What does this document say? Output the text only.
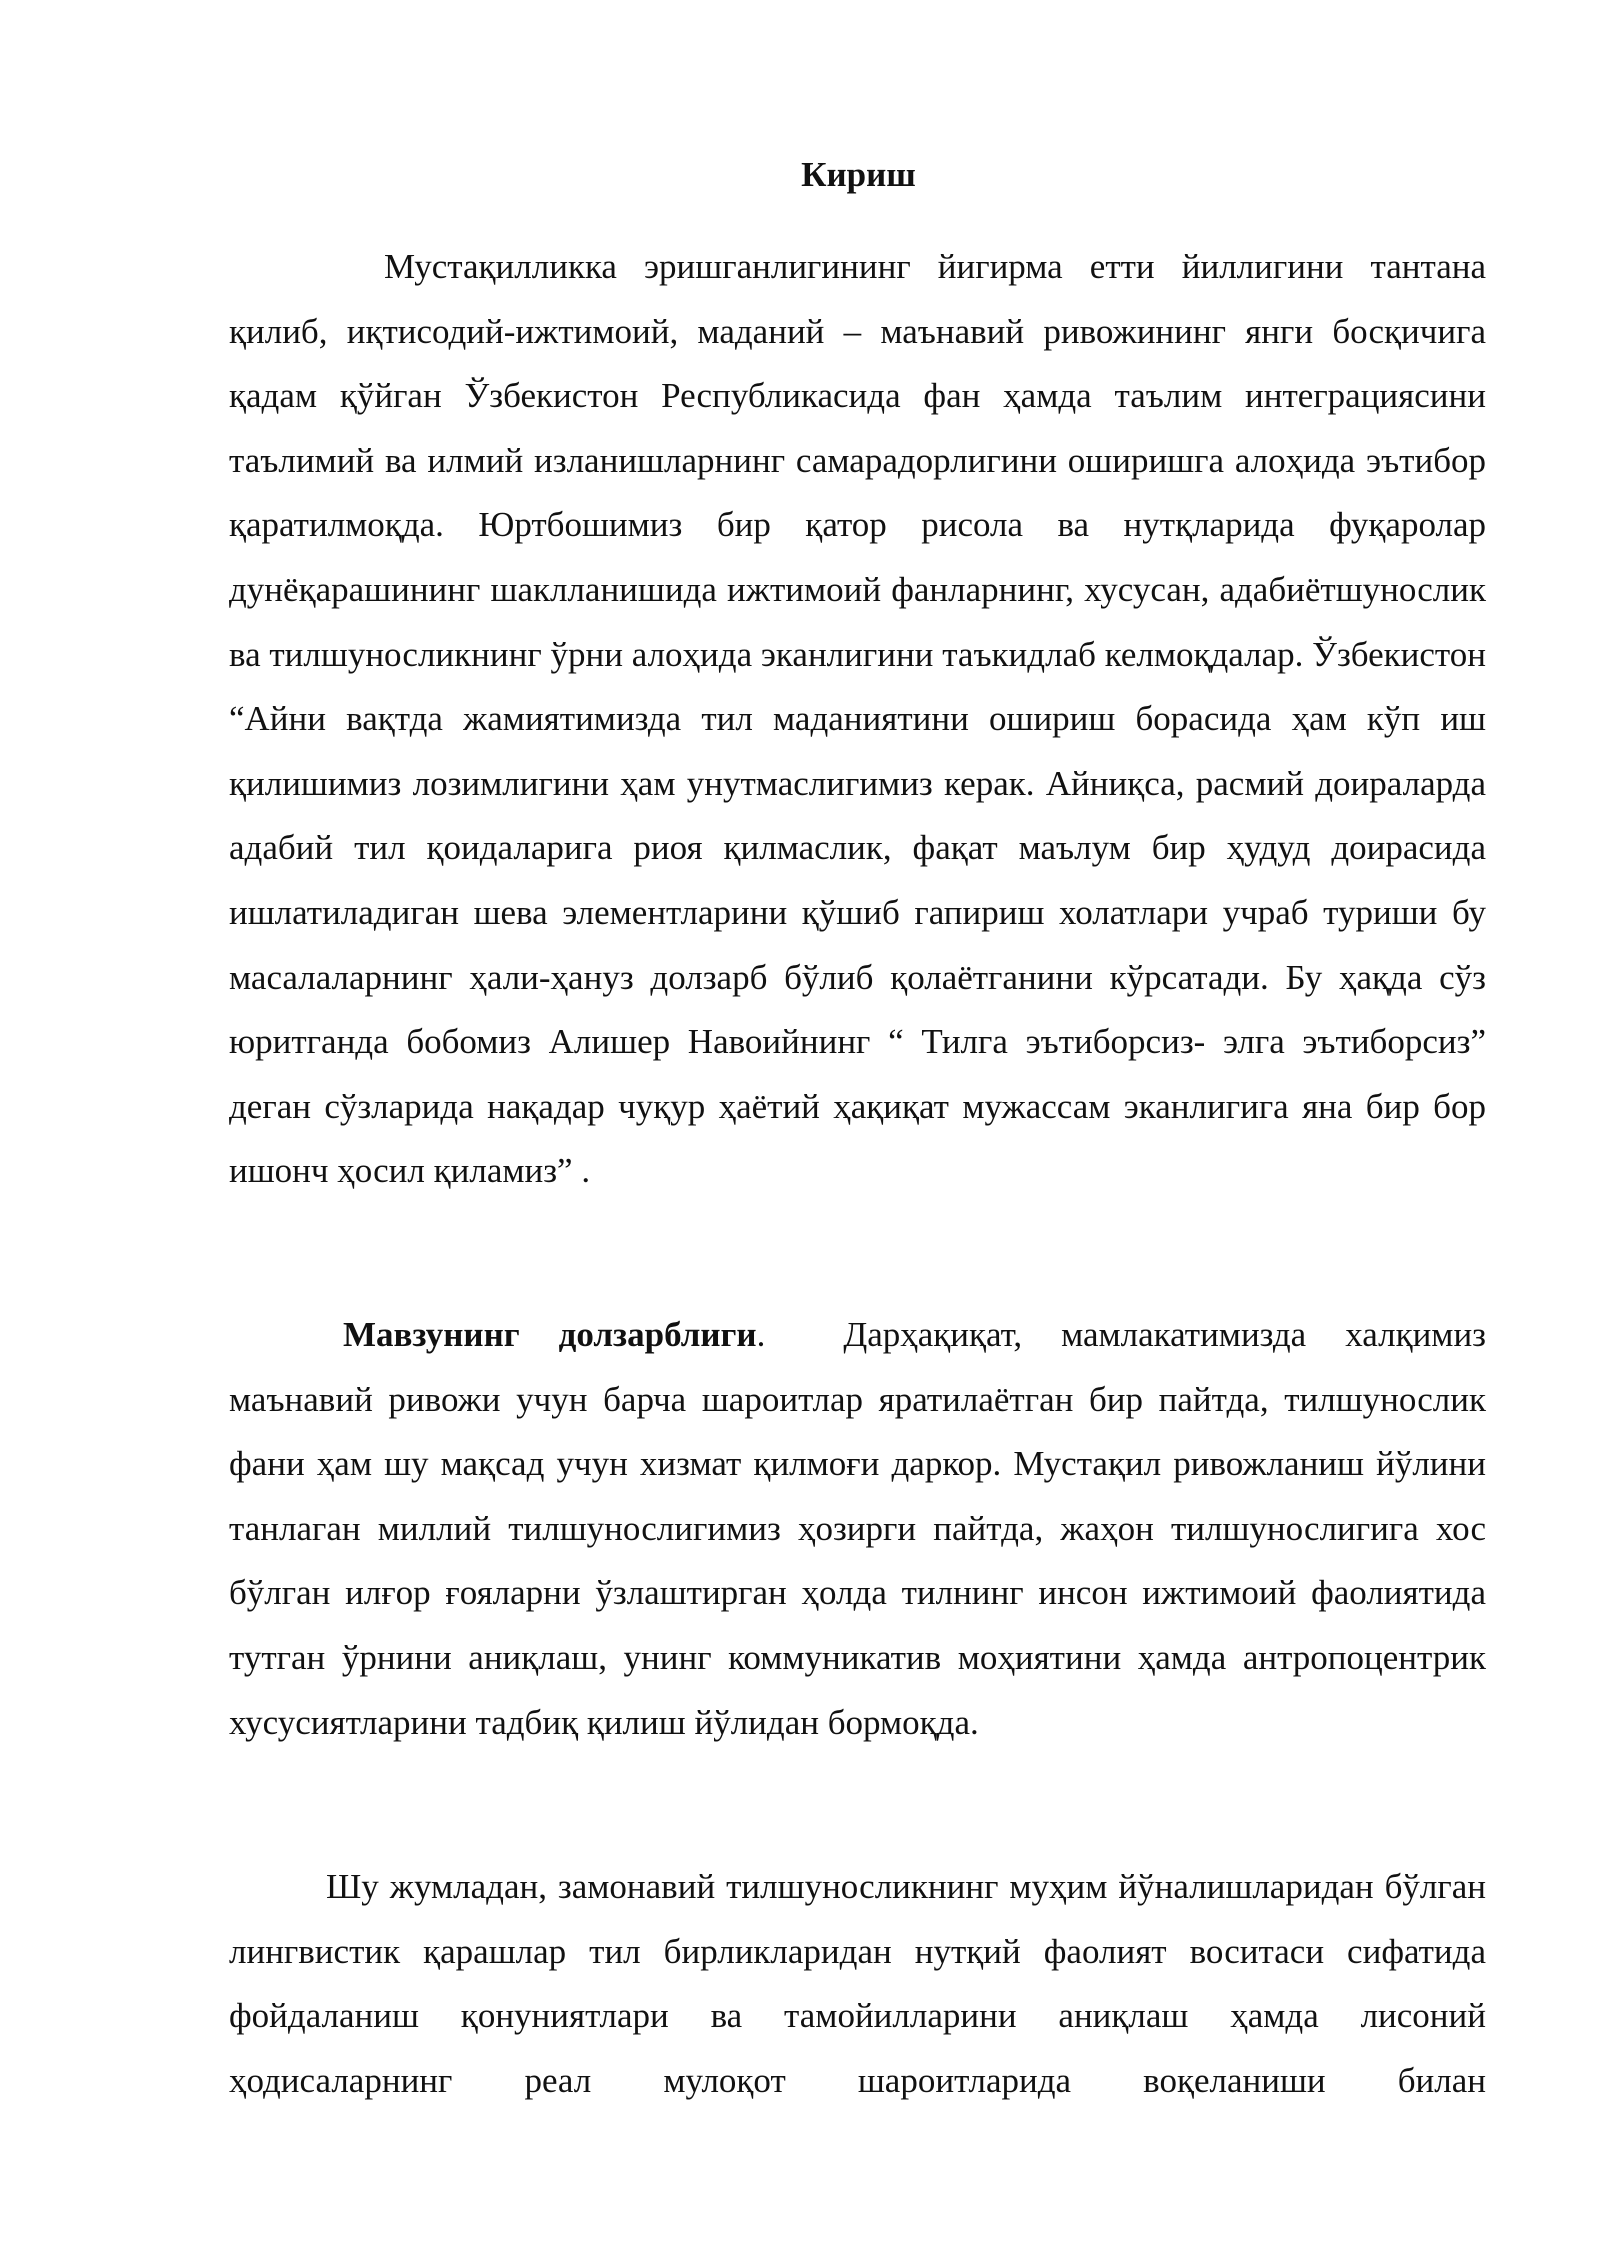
Кириш

Мустақилликка эришганлигининг йигирма етти йиллигини тантана қилиб, иқтисодий-ижтимоий, маданий – маънавий ривожининг янги босқичига қадам қўйган Ўзбекистон Республикасида фан ҳамда таълим интеграциясини таълимий ва илмий изланишларнинг самарадорлигини оширишга алоҳида эътибор қаратилмоқда. Юртбошимиз бир қатор рисола ва нутқларида фуқаролар дунёқарашининг шаклланишида ижтимоий фанларнинг, хусусан, адабиётшунослик ва тилшуносликнинг ўрни алоҳида эканлигини таъкидлаб келмоқдалар. Ўзбекистон “Айни вақтда жамиятимизда тил маданиятини ошириш борасида ҳам кўп иш қилишимиз лозимлигини ҳам унутмаслигимиз керак. Айниқса, расмий доираларда адабий тил қоидаларига риоя қилмаслик, фақат маълум бир ҳудуд доирасида ишлатиладиган шева элементларини қўшиб гапириш холатлари учраб туриши бу масалаларнинг ҳали-ҳануз долзарб бўлиб қолаётганини кўрсатади. Бу ҳақда сўз юритганда бобомиз Алишер Навоийнинг “ Тилга эътиборсиз- элга эътиборсиз” деган сўзларида нақадар чуқур ҳаётий ҳақиқат мужассам эканлигига яна бир бор ишонч ҳосил қиламиз” .

Мавзунинг долзарблиги. Дарҳақиқат, мамлакатимизда халқимиз маънавий ривожи учун барча шароитлар яратилаётган бир пайтда, тилшунослик фани ҳам шу мақсад учун хизмат қилмоғи даркор. Мустақил ривожланиш йўлини танлаган миллий тилшунослигимиз ҳозирги пайтда, жаҳон тилшунослигига хос бўлган илғор ғояларни ўзлаштирган ҳолда тилнинг инсон ижтимоий фаолиятида тутган ўрнини аниқлаш, унинг коммуникатив моҳиятини ҳамда антропоцентрик хусусиятларини тадбиқ қилиш йўлидан бормоқда.

Шу жумладан, замонавий тилшуносликнинг муҳим йўналишларидан бўлган лингвистик қарашлар тил бирликларидан нутқий фаолият воситаси сифатида фойдаланиш қонуниятлари ва тамойилларини аниқлаш ҳамда лисоний ҳодисаларнинг реал мулоқот шароитларида воқеланиши билан
